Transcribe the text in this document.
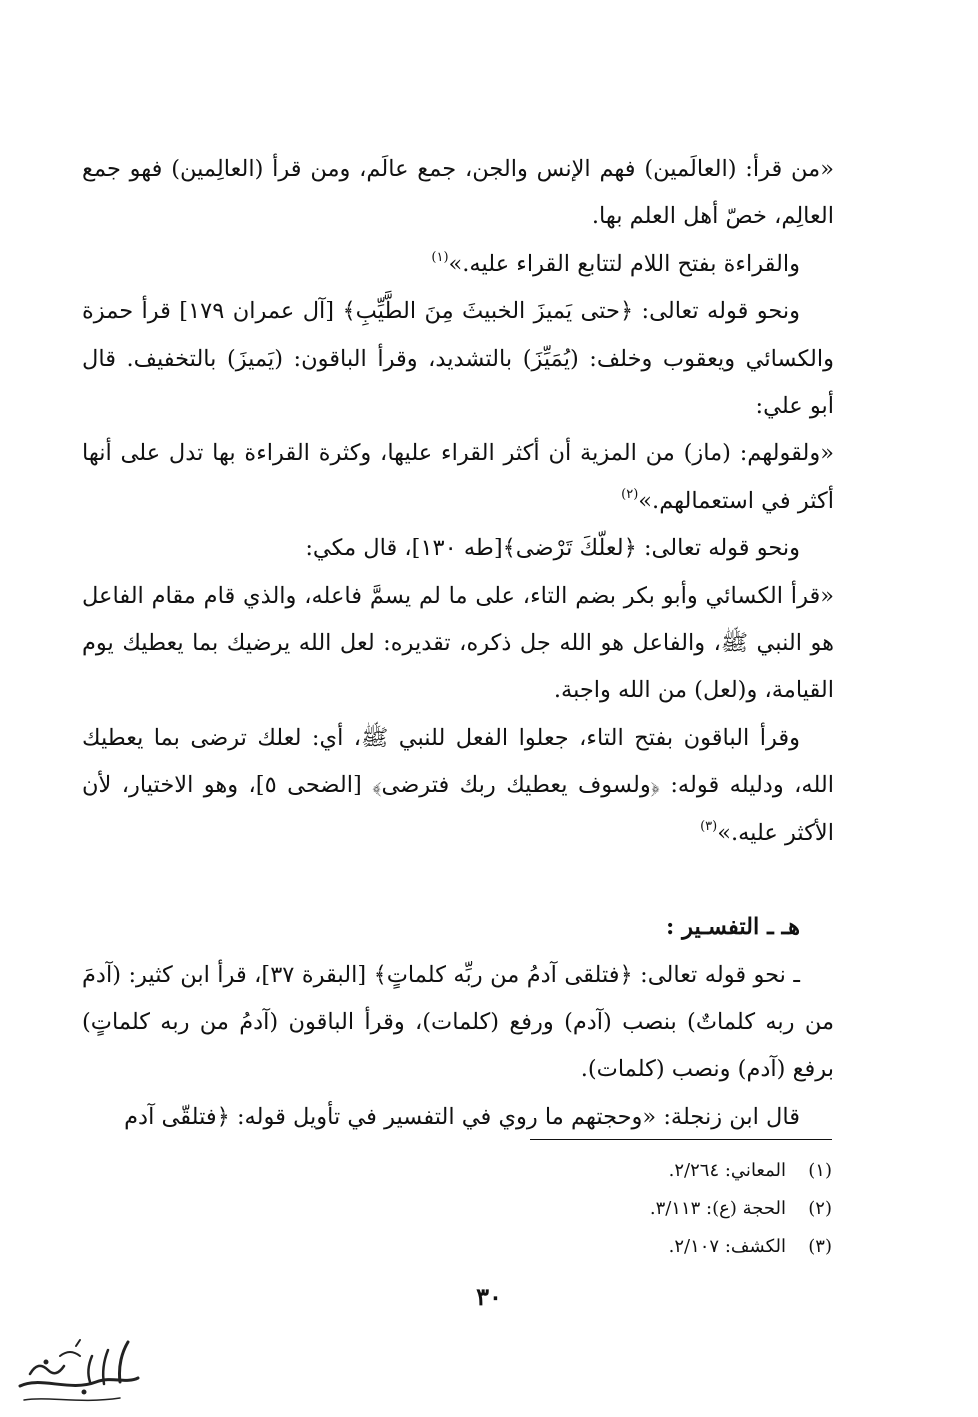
«من قرأ: (العالَمين) فهم الإنس والجن، جمع عالَم، ومن قرأ (العالِمين) فهو جمع العالِم، خصّ أهل العلم بها.

والقراءة بفتح اللام لتتابع القراء عليه.»$^{(١)}$

ونحو قوله تعالى: ﴿حتى يَميزَ الخبيثَ مِنَ الطَّيِّبِ﴾ [آل عمران ١٧٩] قرأ حمزة والكسائي ويعقوب وخلف: (يُمَيِّزَ) بالتشديد، وقرأ الباقون: (يَميزَ) بالتخفيف. قال أبو علي:

«ولقولهم: (ماز) من المزية أن أكثر القراء عليها، وكثرة القراءة بها تدل على أنها أكثر في استعمالهم.»$^{(٢)}$

ونحو قوله تعالى: ﴿لعلّكَ تَرْضى﴾[طه ١٣٠]، قال مكي:

«قرأ الكسائي وأبو بكر بضم التاء، على ما لم يسمَّ فاعله، والذي قام مقام الفاعل هو النبي ﷺ، والفاعل هو الله جل ذكره، تقديره: لعل الله يرضيك بما يعطيك يوم القيامة، و(لعل) من الله واجبة.

وقرأ الباقون بفتح التاء، جعلوا الفعل للنبي ﷺ، أي: لعلك ترضى بما يعطيك الله، ودليله قوله: ﴿ولسوف يعطيك ربك فترضى﴾ [الضحى ٥]، وهو الاختيار، لأن الأكثر عليه.»$^{(٣)}$

هـ ـ التفسـير :

ـ نحو قوله تعالى: ﴿فتلقى آدمُ من ربِّه كلماتٍ﴾ [البقرة ٣٧]، قرأ ابن كثير: (آدمَ من ربه كلماتٌ) بنصب (آدم) ورفع (كلمات)، وقرأ الباقون (آدمُ من ربه كلماتٍ) برفع (آدم) ونصب (كلمات).

قال ابن زنجلة: «وحجتهم ما روي في التفسير في تأويل قوله: ﴿فتلقّى آدم

(١)المعاني: ٢/٢٦٤.
(٢)الحجة (ع): ٣/١١٣.
(٣)الكشف: ٢/١٠٧.
٣٠
